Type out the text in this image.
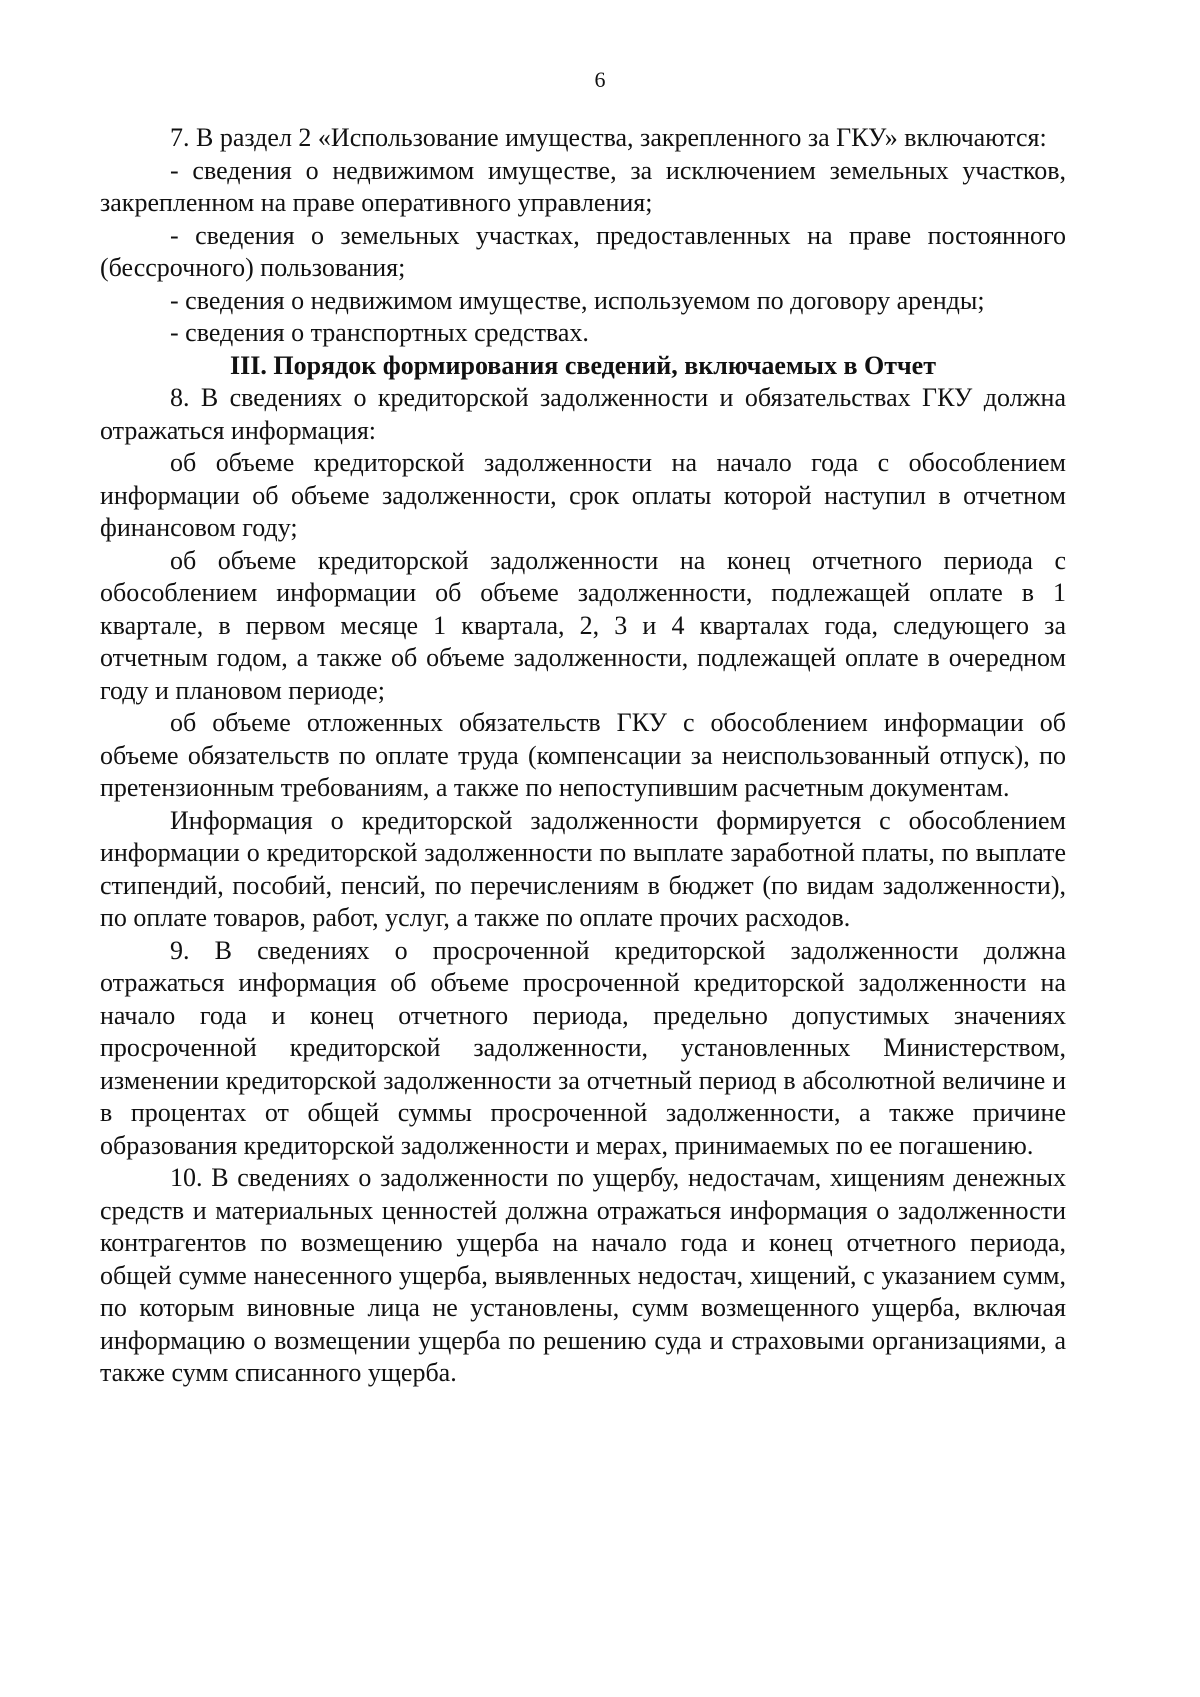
6

7. В раздел 2 «Использование имущества, закрепленного за ГКУ» включаются:

- сведения о недвижимом имуществе, за исключением земельных участков, закрепленном на праве оперативного управления;

- сведения о земельных участках, предоставленных на праве постоянного (бессрочного) пользования;

- сведения о недвижимом имуществе, используемом по договору аренды;

- сведения о транспортных средствах.

III. Порядок формирования сведений, включаемых в Отчет

8. В сведениях о кредиторской задолженности и обязательствах ГКУ должна отражаться информация:

об объеме кредиторской задолженности на начало года с обособлением информации об объеме задолженности, срок оплаты которой наступил в отчетном финансовом году;

об объеме кредиторской задолженности на конец отчетного периода с обособлением информации об объеме задолженности, подлежащей оплате в 1 квартале, в первом месяце 1 квартала, 2, 3 и 4 кварталах года, следующего за отчетным годом, а также об объеме задолженности, подлежащей оплате в очередном году и плановом периоде;

об объеме отложенных обязательств ГКУ с обособлением информации об объеме обязательств по оплате труда (компенсации за неиспользованный отпуск), по претензионным требованиям, а также по непоступившим расчетным документам.

Информация о кредиторской задолженности формируется с обособлением информации о кредиторской задолженности по выплате заработной платы, по выплате стипендий, пособий, пенсий, по перечислениям в бюджет (по видам задолженности), по оплате товаров, работ, услуг, а также по оплате прочих расходов.

9. В сведениях о просроченной кредиторской задолженности должна отражаться информация об объеме просроченной кредиторской задолженности на начало года и конец отчетного периода, предельно допустимых значениях просроченной кредиторской задолженности, установленных Министерством, изменении кредиторской задолженности за отчетный период в абсолютной величине и в процентах от общей суммы просроченной задолженности, а также причине образования кредиторской задолженности и мерах, принимаемых по ее погашению.

10. В сведениях о задолженности по ущербу, недостачам, хищениям денежных средств и материальных ценностей должна отражаться информация о задолженности контрагентов по возмещению ущерба на начало года и конец отчетного периода, общей сумме нанесенного ущерба, выявленных недостач, хищений, с указанием сумм, по которым виновные лица не установлены, сумм возмещенного ущерба, включая информацию о возмещении ущерба по решению суда и страховыми организациями, а также сумм списанного ущерба.
